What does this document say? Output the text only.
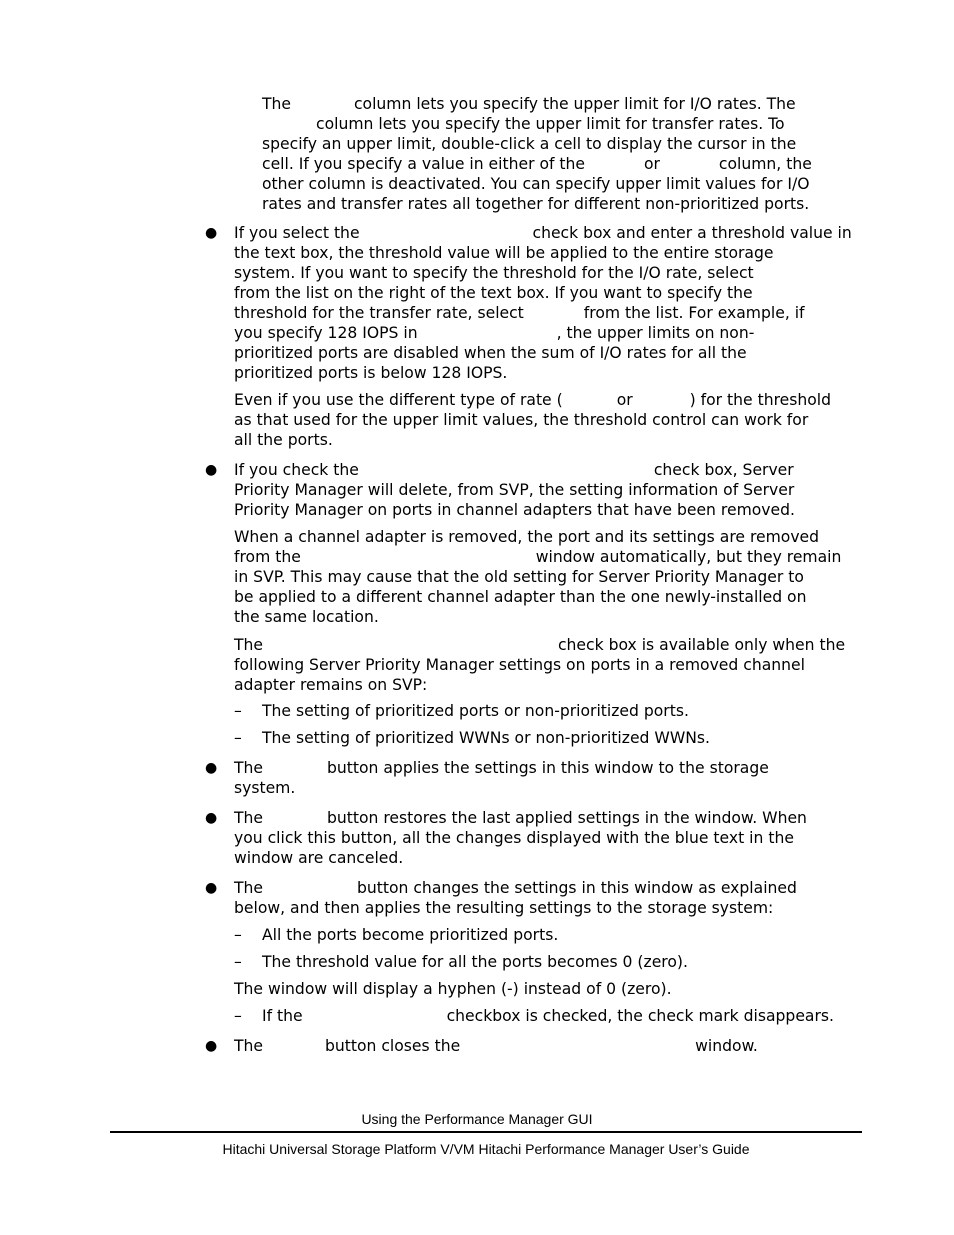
The	column lets you specify the upper limit for I/O rates. The

column lets you specify the upper limit for transfer rates. To

specify an upper limit, double-click a cell to display the cursor in the

cell. If you specify a value in either of the	or	column, the

other column is deactivated. You can specify upper limit values for I/O

rates and transfer rates all together for different non-prioritized ports.

● If you select the	check box and enter a threshold value in

the text box, the threshold value will be applied to the entire storage

system. If you want to specify the threshold for the I/O rate, select

from the list on the right of the text box. If you want to specify the

threshold for the transfer rate, select	from the list. For example, if

you specify 128 IOPS in	, the upper limits on non-

prioritized ports are disabled when the sum of I/O rates for all the

prioritized ports is below 128 IOPS.

Even if you use the different type of rate (	or	) for the threshold

as that used for the upper limit values, the threshold control can work for

all the ports.

● If you check the	check box, Server

Priority Manager will delete, from SVP, the setting information of Server

Priority Manager on ports in channel adapters that have been removed.

When a channel adapter is removed, the port and its settings are removed

from the	window automatically, but they remain

in SVP. This may cause that the old setting for Server Priority Manager to

be applied to a different channel adapter than the one newly-installed on

the same location.

The	check box is available only when the

following Server Priority Manager settings on ports in a removed channel

adapter remains on SVP:

– The setting of prioritized ports or non-prioritized ports.

– The setting of prioritized WWNs or non-prioritized WWNs.

● The	button applies the settings in this window to the storage

system.

● The	button restores the last applied settings in the window. When

you click this button, all the changes displayed with the blue text in the

window are canceled.

● The	button changes the settings in this window as explained

below, and then applies the resulting settings to the storage system:

– All the ports become prioritized ports.

– The threshold value for all the ports becomes 0 (zero).

The window will display a hyphen (-) instead of 0 (zero).

– If the	checkbox is checked, the check mark disappears.

● The	button closes the	window.

Using the Performance Manager GUI
Hitachi Universal Storage Platform V/VM Hitachi Performance Manager User’s Guide
